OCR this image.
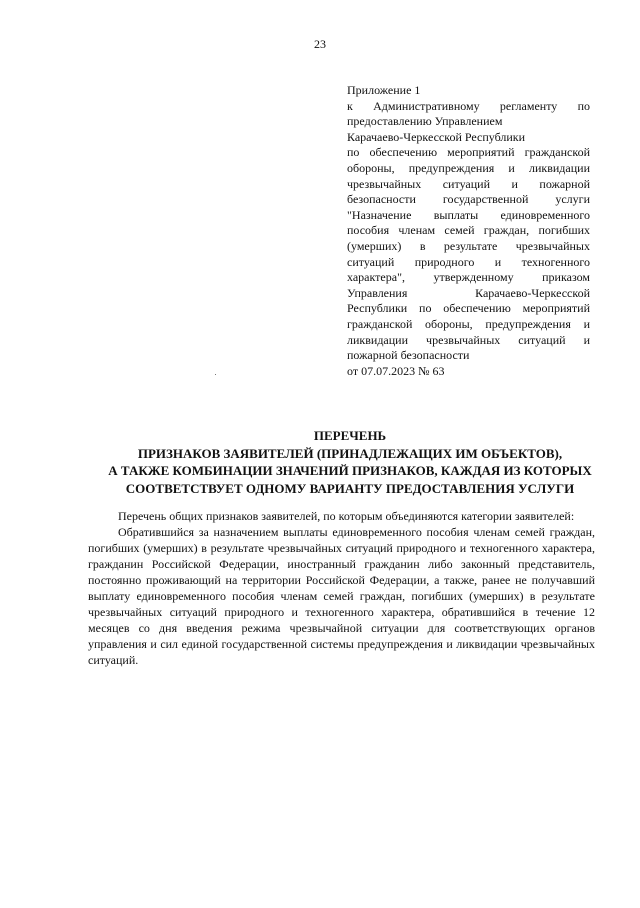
23
Приложение 1
к Административному регламенту по
предоставлению Управлением
Карачаево-Черкесской Республики
по обеспечению мероприятий гражданской
обороны, предупреждения и ликвидации
чрезвычайных ситуаций и пожарной
безопасности государственной услуги
"Назначение выплаты единовременного
пособия членам семей граждан, погибших
(умерших) в результате чрезвычайных
ситуаций природного и техногенного
характера", утвержденному приказом
Управления Карачаево-Черкесской
Республики по обеспечению мероприятий
гражданской обороны, предупреждения и
ликвидации чрезвычайных ситуаций и
пожарной безопасности
от 07.07.2023 № 63
ПЕРЕЧЕНЬ
ПРИЗНАКОВ ЗАЯВИТЕЛЕЙ (ПРИНАДЛЕЖАЩИХ ИМ ОБЪЕКТОВ),
А ТАКЖЕ КОМБИНАЦИИ ЗНАЧЕНИЙ ПРИЗНАКОВ, КАЖДАЯ ИЗ КОТОРЫХ
СООТВЕТСТВУЕТ ОДНОМУ ВАРИАНТУ ПРЕДОСТАВЛЕНИЯ УСЛУГИ

Перечень общих признаков заявителей, по которым объединяются категории заявителей:

Обратившийся за назначением выплаты единовременного пособия членам семей граждан, погибших (умерших) в результате чрезвычайных ситуаций природного и техногенного характера, гражданин Российской Федерации, иностранный гражданин либо законный представитель, постоянно проживающий на территории Российской Федерации, а также, ранее не получавший выплату единовременного пособия членам семей граждан, погибших (умерших) в результате чрезвычайных ситуаций природного и техногенного характера, обратившийся в течение 12 месяцев со дня введения режима чрезвычайной ситуации для соответствующих органов управления и сил единой государственной системы предупреждения и ликвидации чрезвычайных ситуаций.
